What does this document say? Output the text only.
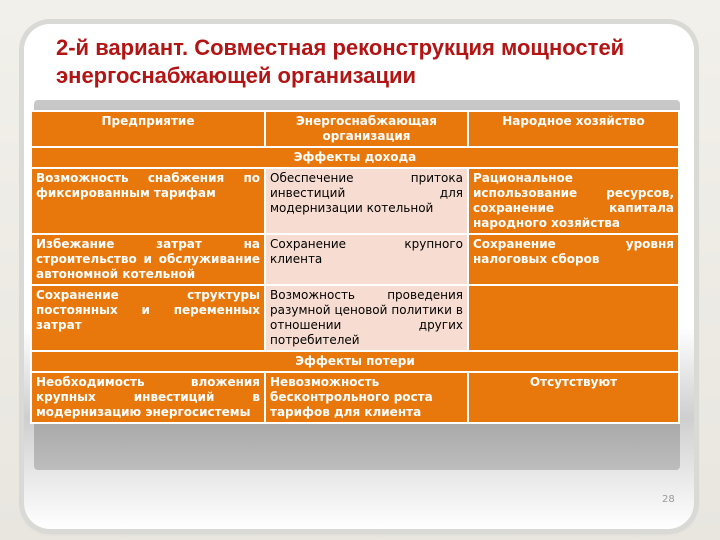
2-й вариант. Совместная реконструкция мощностей энергоснабжающей организации
Предприятие	Энергоснабжающая организация	Народное хозяйство
Эффекты дохода		
Возможность снабжения по фиксированным тарифам	Обеспечение притока инвестиций для модернизации котельной	Рациональное использование ресурсов, сохранение капитала народного хозяйства
Избежание затрат на строительство и обслуживание автономной котельной	Сохранение крупного клиента	Сохранение уровня налоговых сборов
Сохранение структуры постоянных и переменных затрат	Возможность проведения разумной ценовой политики в отношении других потребителей	
Эффекты потери		
Необходимость вложения крупных инвестиций в модернизацию энергосистемы	Невозможность бесконтрольного роста тарифов для клиента	Отсутствуют
28
